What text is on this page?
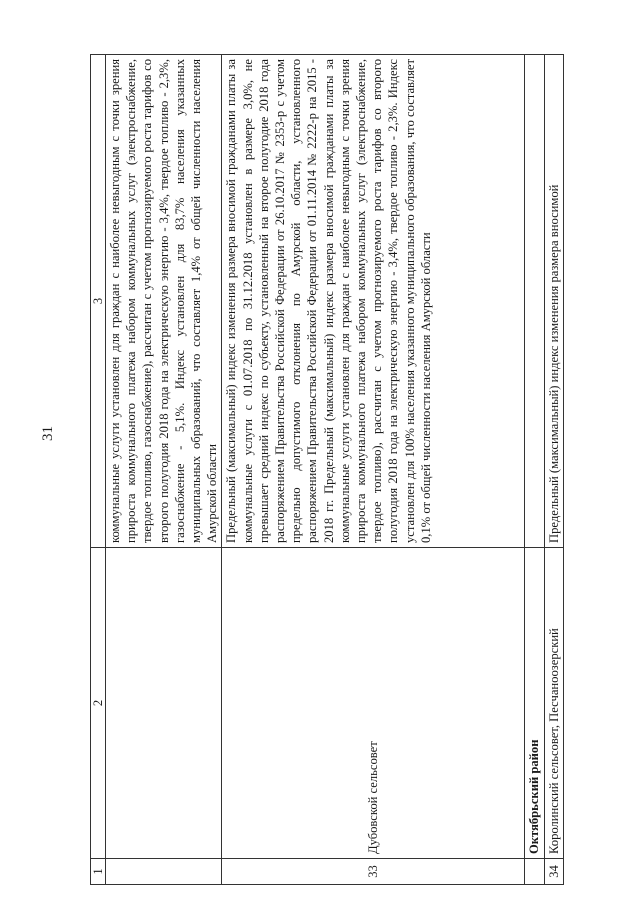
31
1	2	3
		коммунальные услуги установлен для граждан с наиболее невыгодным с точки зрения прироста коммунального платежа набором коммунальных услуг (электроснабжение, твердое топливо, газоснабжение), рассчитан с учетом прогнозируемого роста тарифов со второго полугодия 2018 года на электрическую энергию - 3,4%, твердое топливо - 2,3%, газоснабжение - 5,1%. Индекс установлен для 83,7% населения указанных муниципальных образований, что составляет 1,4% от общей численности населения Амурской области
33	Дубовской сельсовет	Предельный (максимальный) индекс изменения размера вносимой гражданами платы за коммунальные услуги с 01.07.2018 по 31.12.2018 установлен в размере 3,0%, не превышает средний индекс по субъекту, установленный на второе полугодие 2018 года распоряжением Правительства Российской Федерации от 26.10.2017 № 2353-р с учетом предельно допустимого отклонения по Амурской области, установленного распоряжением Правительства Российской Федерации от 01.11.2014 № 2222-р на 2015 - 2018 гг. Предельный (максимальный) индекс размера вносимой гражданами платы за коммунальные услуги установлен для граждан с наиболее невыгодным с точки зрения прироста коммунального платежа набором коммунальных услуг (электроснабжение, твердое топливо), рассчитан с учетом прогнозируемого роста тарифов со второго полугодия 2018 года на электрическую энергию - 3,4%, твердое топливо - 2,3%. Индекс установлен для 100% населения указанного муниципального образования, что составляет 0,1% от общей численности населения Амурской области
	Октябрьский район	
34	Королинский сельсовет, Песчаноозерский	Предельный (максимальный) индекс изменения размера вносимой
